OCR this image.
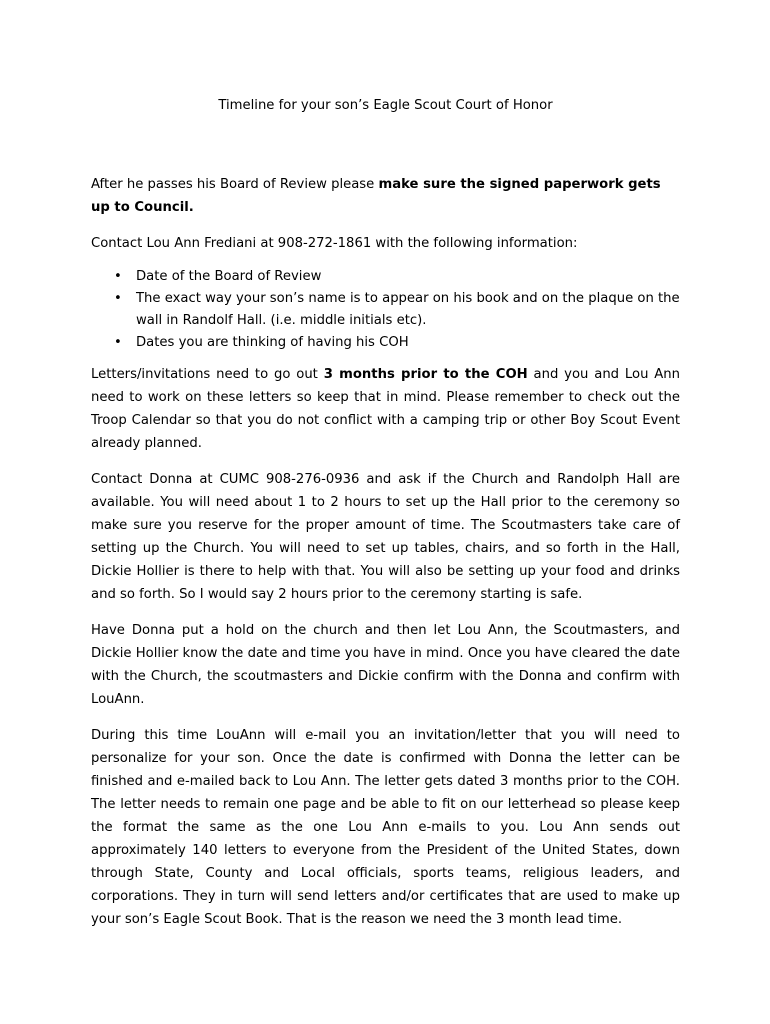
Timeline for your son’s Eagle Scout Court of Honor

After he passes his Board of Review please make sure the signed paperwork gets up to Council.

Contact Lou Ann Frediani at 908-272-1861 with the following information:

• Date of the Board of Review
• The exact way your son’s name is to appear on his book and on the plaque on the wall in Randolf Hall. (i.e. middle initials etc).
• Dates you are thinking of having his COH

Letters/invitations need to go out 3 months prior to the COH and you and Lou Ann need to work on these letters so keep that in mind. Please remember to check out the Troop Calendar so that you do not conflict with a camping trip or other Boy Scout Event already planned.

Contact Donna at CUMC 908-276-0936 and ask if the Church and Randolph Hall are available. You will need about 1 to 2 hours to set up the Hall prior to the ceremony so make sure you reserve for the proper amount of time. The Scoutmasters take care of setting up the Church. You will need to set up tables, chairs, and so forth in the Hall, Dickie Hollier is there to help with that. You will also be setting up your food and drinks and so forth. So I would say 2 hours prior to the ceremony starting is safe.

Have Donna put a hold on the church and then let Lou Ann, the Scoutmasters, and Dickie Hollier know the date and time you have in mind. Once you have cleared the date with the Church, the scoutmasters and Dickie confirm with the Donna and confirm with LouAnn.

During this time LouAnn will e-mail you an invitation/letter that you will need to personalize for your son. Once the date is confirmed with Donna the letter can be finished and e-mailed back to Lou Ann. The letter gets dated 3 months prior to the COH. The letter needs to remain one page and be able to fit on our letterhead so please keep the format the same as the one Lou Ann e-mails to you. Lou Ann sends out approximately 140 letters to everyone from the President of the United States, down through State, County and Local officials, sports teams, religious leaders, and corporations. They in turn will send letters and/or certificates that are used to make up your son’s Eagle Scout Book. That is the reason we need the 3 month lead time.
